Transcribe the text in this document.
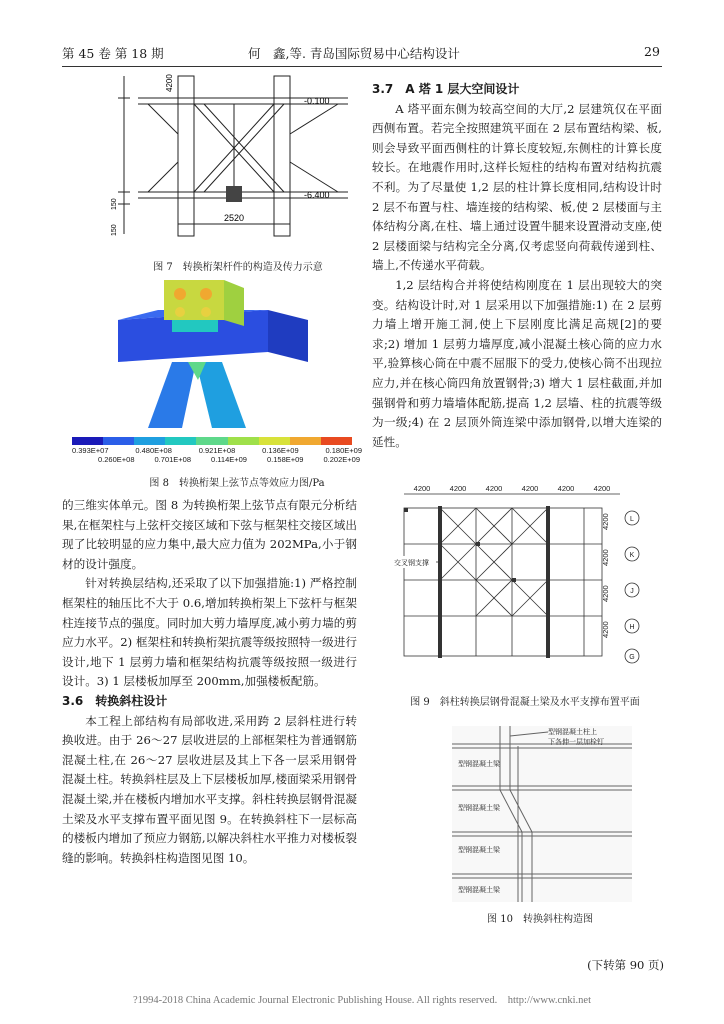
第 45 卷 第 18 期	何　鑫,等. 青岛国际贸易中心结构设计	29
2520
4200
150
150
-0.100
-6.400
图 7　转换桁架杆件的构造及传力示意
0.393E+07	0.480E+08	0.921E+08	0.136E+09	0.180E+09
0.260E+08	0.701E+08	0.114E+09	0.158E+09	0.202E+09
图 8　转换桁架上弦节点等效应力图/Pa

的三维实体单元。图 8 为转换桁架上弦节点有限元分析结果,在框架柱与上弦杆交接区域和下弦与框架柱交接区域出现了比较明显的应力集中,最大应力值为 202MPa,小于钢材的设计强度。

针对转换层结构,还采取了以下加强措施:1) 严格控制框架柱的轴压比不大于 0.6,增加转换桁架上下弦杆与框架柱连接节点的强度。同时加大剪力墙厚度,减小剪力墙的剪应力水平。2) 框架柱和转换桁架抗震等级按照特一级进行设计,地下 1 层剪力墙和框架结构抗震等级按照一级进行设计。3) 1 层楼板加厚至 200mm,加强楼板配筋。

3.6　转换斜柱设计

本工程上部结构有局部收进,采用跨 2 层斜柱进行转换收进。由于 26～27 层收进层的上部框架柱为普通钢筋混凝土柱,在 26～27 层收进层及其上下各一层采用钢骨混凝土柱。转换斜柱层及上下层楼板加厚,楼面梁采用钢骨混凝土梁,并在楼板内增加水平支撑。斜柱转换层钢骨混凝土梁及水平支撑布置平面见图 9。在转换斜柱下一层标高的楼板内增加了预应力钢筋,以解决斜柱水平推力对楼板裂缝的影响。转换斜柱构造图见图 10。

3.7　A 塔 1 层大空间设计

A 塔平面东侧为较高空间的大厅,2 层建筑仅在平面西侧布置。若完全按照建筑平面在 2 层布置结构梁、板,则会导致平面西侧柱的计算长度较短,东侧柱的计算长度较长。在地震作用时,这样长短柱的结构布置对结构抗震不利。为了尽量使 1,2 层的柱计算长度相同,结构设计时 2 层不布置与柱、墙连接的结构梁、板,使 2 层楼面与主体结构分离,在柱、墙上通过设置牛腿来设置滑动支座,使 2 层楼面梁与结构完全分离,仅考虑竖向荷载传递到柱、墙上,不传递水平荷载。

1,2 层结构合并将使结构刚度在 1 层出现较大的突变。结构设计时,对 1 层采用以下加强措施:1) 在 2 层剪力墙上增开施工洞,使上下层刚度比满足高规[2]的要求;2) 增加 1 层剪力墙厚度,减小混凝土核心筒的应力水平,验算核心筒在中震不屈服下的受力,使核心筒不出现拉应力,并在核心筒四角放置钢骨;3) 增大 1 层柱截面,并加强钢骨和剪力墙墙体配筋,提高 1,2 层墙、柱的抗震等级为一级;4) 在 2 层顶外筒连梁中添加钢骨,以增大连梁的延性。

4200	4200	4200	4200	4200	4200
4200
4200
4200
4200
L
K
J
H
G
交叉钢支撑
图 9　斜柱转换层钢骨混凝土梁及水平支撑布置平面
型钢混凝土梁
型钢混凝土梁
型钢混凝土梁
型钢混凝土梁
型钢混凝土柱上
下各伸一层加栓钉
图 10　转换斜柱构造图
(下转第 90 页)
?1994-2018 China Academic Journal Electronic Publishing House. All rights reserved.　http://www.cnki.net
